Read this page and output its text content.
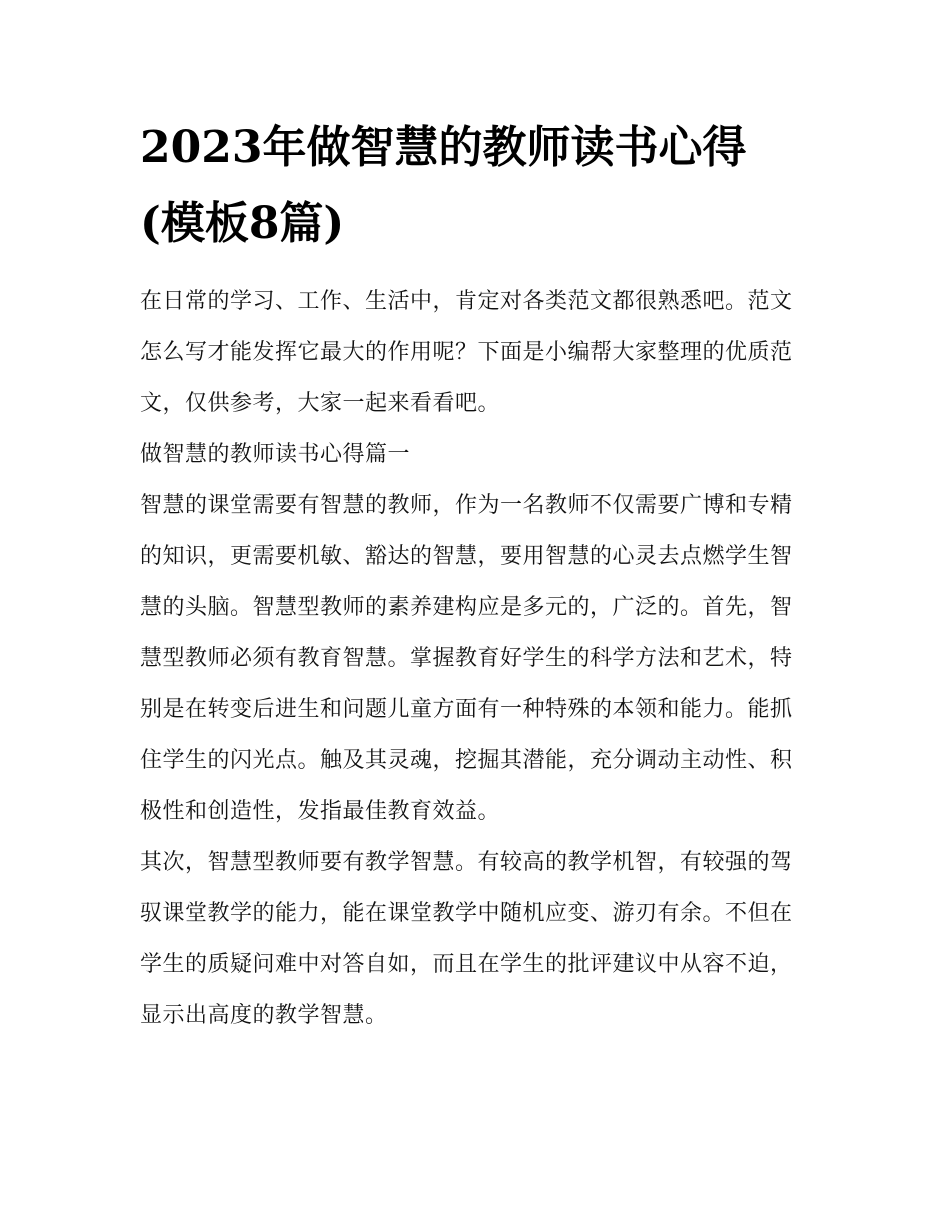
2023年做智慧的教师读书心得
(模板8篇)

在日常的学习、工作、生活中，肯定对各类范文都很熟悉吧。范文怎么写才能发挥它最大的作用呢？下面是小编帮大家整理的优质范文，仅供参考，大家一起来看看吧。

做智慧的教师读书心得篇一

智慧的课堂需要有智慧的教师，作为一名教师不仅需要广博和专精的知识，更需要机敏、豁达的智慧，要用智慧的心灵去点燃学生智慧的头脑。智慧型教师的素养建构应是多元的，广泛的。首先，智慧型教师必须有教育智慧。掌握教育好学生的科学方法和艺术，特别是在转变后进生和问题儿童方面有一种特殊的本领和能力。能抓住学生的闪光点。触及其灵魂，挖掘其潜能，充分调动主动性、积极性和创造性，发指最佳教育效益。

其次，智慧型教师要有教学智慧。有较高的教学机智，有较强的驾驭课堂教学的能力，能在课堂教学中随机应变、游刃有余。不但在学生的质疑问难中对答自如，而且在学生的批评建议中从容不迫，显示出高度的教学智慧。
